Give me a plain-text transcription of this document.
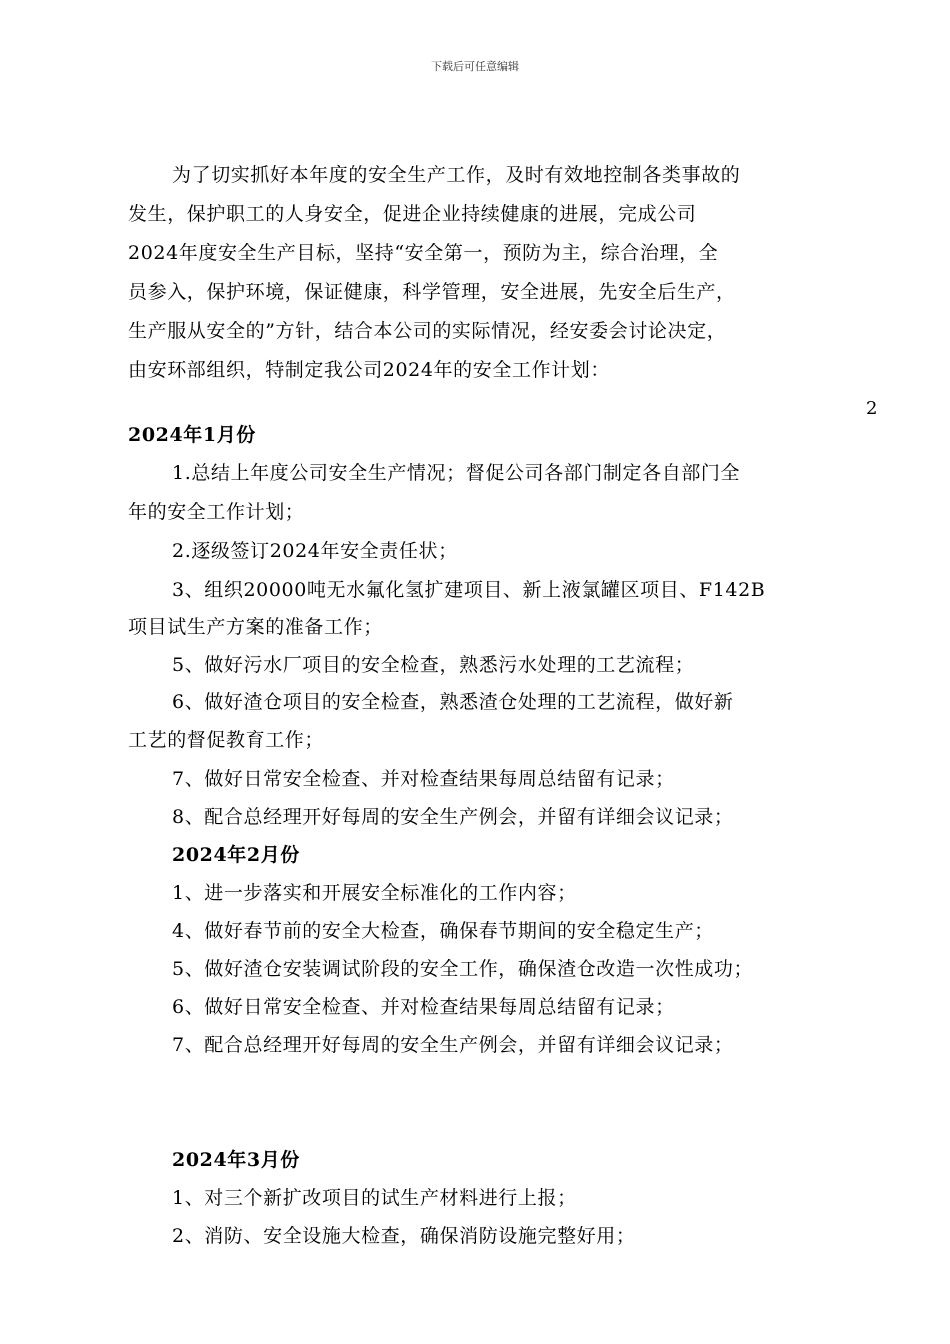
下载后可任意编辑
2
为了切实抓好本年度的安全生产工作，及时有效地控制各类事故的
发生，保护职工的人身安全，促进企业持续健康的进展，完成公司
2024年度安全生产目标，坚持“安全第一，预防为主，综合治理，全
员参入，保护环境，保证健康，科学管理，安全进展，先安全后生产，
生产服从安全的”方针，结合本公司的实际情况，经安委会讨论决定，
由安环部组织，特制定我公司2024年的安全工作计划：
2024年1月份
1.总结上年度公司安全生产情况；督促公司各部门制定各自部门全
年的安全工作计划；
2.逐级签订2024年安全责任状；
3、组织20000吨无水氟化氢扩建项目、新上液氯罐区项目、F142B
项目试生产方案的准备工作；
5、做好污水厂项目的安全检查，熟悉污水处理的工艺流程；
6、做好渣仓项目的安全检查，熟悉渣仓处理的工艺流程，做好新
工艺的督促教育工作；
7、做好日常安全检查、并对检查结果每周总结留有记录；
8、配合总经理开好每周的安全生产例会，并留有详细会议记录；
2024年2月份
1、进一步落实和开展安全标准化的工作内容；
4、做好春节前的安全大检查，确保春节期间的安全稳定生产；
5、做好渣仓安装调试阶段的安全工作，确保渣仓改造一次性成功；
6、做好日常安全检查、并对检查结果每周总结留有记录；
7、配合总经理开好每周的安全生产例会，并留有详细会议记录；
2024年3月份
1、对三个新扩改项目的试生产材料进行上报；
2、消防、安全设施大检查，确保消防设施完整好用；
